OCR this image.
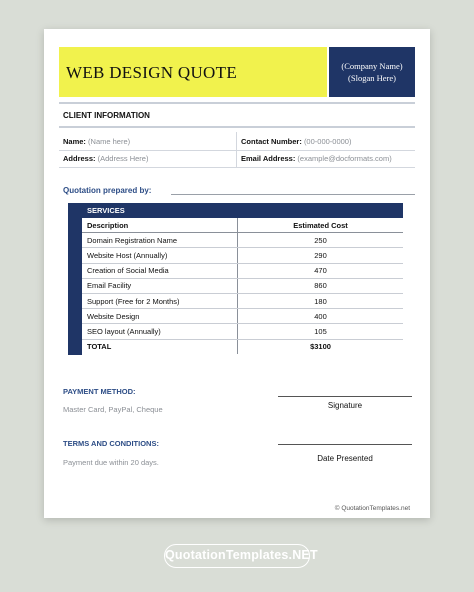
WEB DESIGN QUOTE	(Company Name)
(Slogan Here)
CLIENT INFORMATION
Name: (Name here)	Contact Number: (00-000-0000)
Address: (Address Here)	Email Address: (example@docformats.com)
Quotation prepared by:
SERVICES
Description	Estimated Cost
Domain Registration Name	250
Website Host (Annually)	290
Creation of Social Media	470
Email Facility	860
Support (Free for 2 Months)	180
Website Design	400
SEO layout (Annually)	105
TOTAL	$3100
PAYMENT METHOD:
Master Card, PayPal, Cheque
TERMS AND CONDITIONS:
Payment due within 20 days.
Signature
Date Presented
© QuotationTemplates.net
QuotationTemplates.NET
